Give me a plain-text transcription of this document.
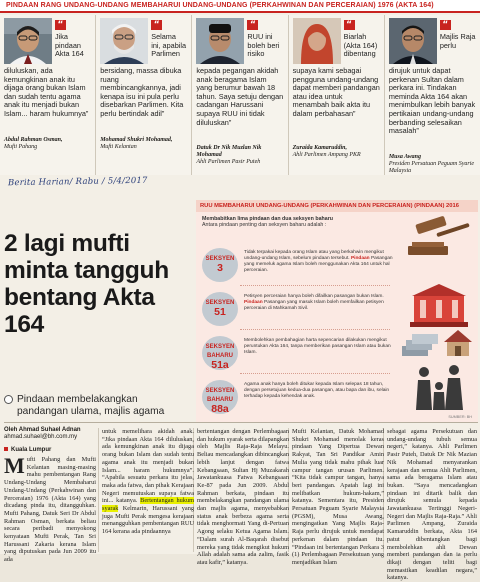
PINDAAN RANG UNDANG-UNDANG MEMBAHARUI UNDANG-UNDANG (PERKAHWINAN DAN PERCERAIAN) 1976 (AKTA 164)
“
Jika pindaan Akta 164
diluluskan, ada kemungkinan anak itu dijaga orang bukan Islam dan sudah tentu agama anak itu menjadi bukan Islam... haram hukumnya”
Abdul Rahman Osman,
Mufti Pahang
“
Selama ini, apabila Parlimen
bersidang, massa dibuka ruang membincangkannya, jadi kenapa isu ini pula perlu disebarkan Parlimen. Kita perlu bertindak adil”
Mohamad Shukri Mohamad,
Mufti Kelantan
“
RUU ini boleh beri risiko
kepada pegangan akidah anak beragama Islam yang berumur bawah 18 tahun. Saya setuju dengan cadangan Harussani supaya RUU ini tidak diluluskan”
Datuk Dr Nik Muzlan Nik Mohamad
Ahli Parlimen Pasir Puteh
“
Biarlah (Akta 164) dibentang
supaya kami sebagai pengguna undang-undang dapat memberi pandangan atau idea untuk menambah baik akta itu dalam perbahasan”
Zuraida Kamaruddin,
Ahli Parlimen Ampang PKR
“
Majlis Raja perlu
dirujuk untuk dapat perkenan Sultan dalam perkara ini. Tindakan meminda Akta 164 akan menimbulkan lebih banyak pertikaian undang-undang berbanding selesaikan masalah”
Musa Awang
Presiden Persatuan Peguam Syarie Malaysia
Berita Harian/ Rabu / 5/4/2017
2 lagi mufti minta tangguh bentang Akta 164
Pindaan membelakangkan pandangan ulama, majlis agama
RUU MEMBAHARUI UNDANG-UNDANG (PERKAHWINAN DAN PERCERAIAN) (PINDAAN) 2016
Membabitkan lima pindaan dan dua seksyen baharu
Antara pindaan penting dan seksyen baharu adalah :
SEKSYEN
3
Tidak terpakai kepada orang Islam atau yang berkahwin mengikut undang-undang Islam, sebelum pindaan tersebut. Pindaan Pasangan yang memeluk agama Islam boleh menggunakan Akta 164 untuk hal perceraian.
SEKSYEN
51
Petisyen perceraian hanya boleh difailkan pasangan bukan Islam. Pindaan Pasangan yang masuk Islam boleh memfailkan petisyen perceraian di Mahkamah Sivil.
SEKSYEN BAHARU
51a
Membolehkan pembahagian harta sepencarian dilakukan mengikut peruntukan Akta 164, tanpa memberikan pasangan Islam atau bukan Islam.
SEKSYEN BAHARU
88a
Agama anak hanya boleh ditukar kepada Islam selepas 18 tahun, dengan persetujuan kedua-dua pasangan, atau bapa dan ibu, selain terhadap kepada kehendak anak.
SUMBER: BH
Oleh Ahmad Suhael Adnan
ahmad.suhael@bh.com.my
Kuala Lumpur
Mufti Pahang dan Mufti Kelantan masing-masing mahu pembentangan Rang Undang-Undang Membaharui Undang-Undang (Perkahwinan dan Perceraian) 1976 (Akta 164) yang dicadang pinda itu, ditangguhkan. Mufti Pahang, Datuk Seri Dr Abdul Rahman Osman, berkata beliau secara peribadi menyokong kenyataan Mufti Perak, Tan Sri Harussani Zakaria kerana Islam yang diputuskan pada Jun 2009 itu ada
untuk memelihara akidah anak. “Jika pindaan Akta 164 diluluskan, ada kemungkinan anak itu dijaga orang bukan Islam dan sudah tentu agama anak itu menjadi bukan Islam... haram hukumnya”. “Apabila sesuatu perkara itu jelas, maka ada fatwa, dan pihak Kerajaan Negeri memutuskan supaya fatwa ini... katanya. Bertentangan hukum syarak Kelmarin, Harussani yang juga Mufti Perak mengesa kerajaan menangguhkan pembentangan RUU 164 kerana ada pindaannya
bertentangan dengan Perlembagaan dan hukum syarak serta dilapangkan oleh Majlis Raja-Raja Melayu. Beliau mencadangkan dibincangkan lebih lanjut dengan fatwa Kebangsaan, Sultan Hj Muzakarah Jawatankuasa Fatwa Kebangsaan Ke-87 pada Jun 2009. Abdul Rahman berkata, pindaan itu membelakangkan pandangan ulama dan majlis agama, menyebabkan status anak berbeza agama serta tidak menghormati Yang di-Pertuan Agong selaku Ketua Agama Islam. “Dalam surah Al-Baqarah disebut mereka yang tidak mengikut hukum Allah adalah sama ada zalim, fasik atau kafir,” katanya.
Mufti Kelantan, Datuk Mohamad Shukri Mohamad menolak keras pindaan Yang Dipertua Dewan Rakyat, Tan Sri Pandikar Amin Mulia yang tidak mahu pihak luar campur tangan urusan Parlimen. “Kita tidak campur tangan, hanya beri pandangan. Apatah lagi ini melibatkan hukum-hakam,” katanya. Sementara itu, Presiden Persatuan Peguam Syarie Malaysia (PGSM), Musa Awang, mengingatkan Yang Majlis Raja-Raja perlu dirujuk untuk mendapat perkenan dalam pindaan itu. “Pindaan ini bertentangan Perkara 3 (1) Perlembagaan Persekutuan yang menjadikan Islam
sebagai agama Persekutuan dan undang-undang tubuh semua negeri,” katanya. Ahli Parlimen Pasir Puteh, Datuk Dr Nik Mazian Nik Mohamad menyarankan kerajaan dan semua Ahli Parlimen, sama ada beragama Islam atau bukan. “Saya mencadangkan pindaan ini ditarik balik dan dirujuk semula kepada Jawatankuasa Tertinggi Negeri-Negeri dan Majlis Raja-Raja.” Ahli Parlimen Ampang, Zuraida Kamaruddin berkata, Akta 164 patut dibentangkan bagi membolehkan ahli Dewan memberi pandangan dan ia perlu dikaji dengan teliti bagi memastikan keadilan negara,” katanya.
